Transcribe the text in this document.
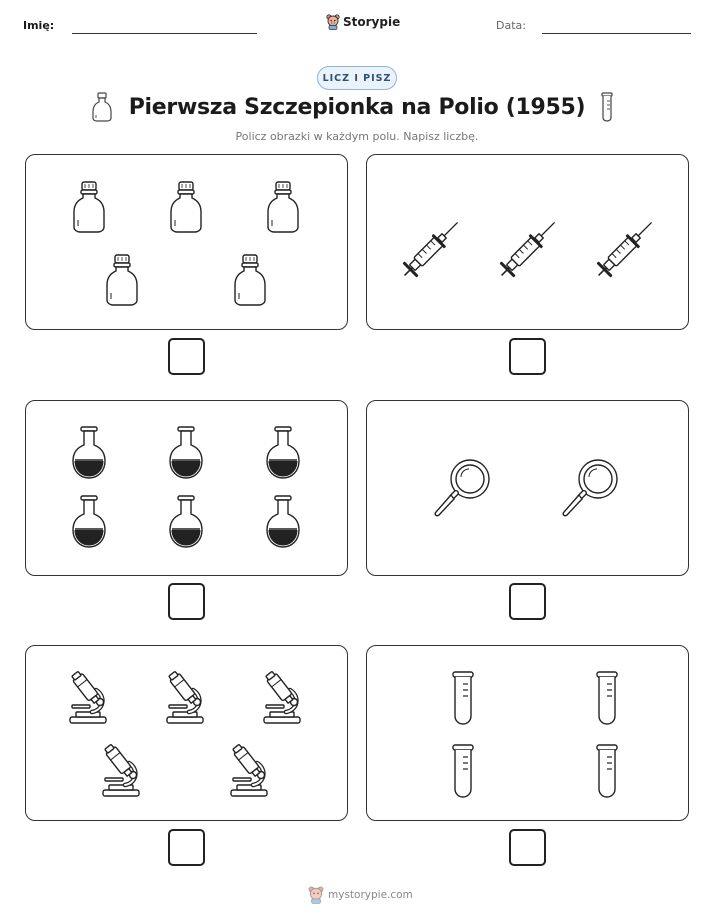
Imię:	Storypie	Data:
LICZ I PISZ
Pierwsza Szczepionka na Polio (1955)
Policz obrazki w każdym polu. Napisz liczbę.
mystorypie.com
